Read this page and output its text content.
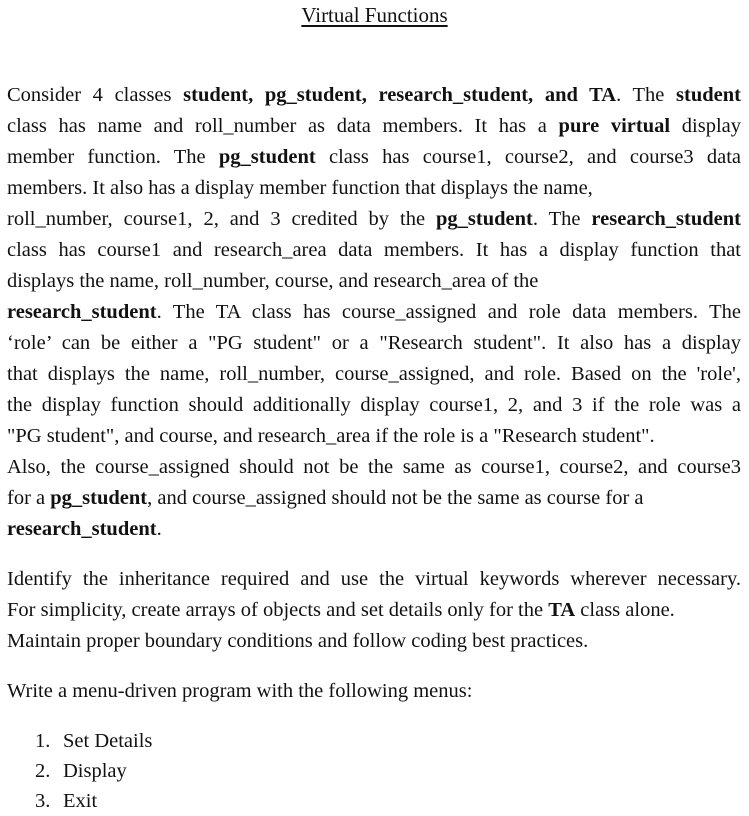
Virtual Functions
Consider 4 classes student, pg_student, research_student, and TA. The student
class has name and roll_number as data members. It has a pure virtual display
member function. The pg_student class has course1, course2, and course3 data
members. It also has a display member function that displays the name,
roll_number, course1, 2, and 3 credited by the pg_student. The research_student
class has course1 and research_area data members. It has a display function that
displays the name, roll_number, course, and research_area of the
research_student. The TA class has course_assigned and role data members. The
‘role’ can be either a "PG student" or a "Research student". It also has a display
that displays the name, roll_number, course_assigned, and role. Based on the 'role',
the display function should additionally display course1, 2, and 3 if the role was a
"PG student", and course, and research_area if the role is a "Research student".
Also, the course_assigned should not be the same as course1, course2, and course3
for a pg_student, and course_assigned should not be the same as course for a
research_student.
Identify the inheritance required and use the virtual keywords wherever necessary.
For simplicity, create arrays of objects and set details only for the TA class alone.
Maintain proper boundary conditions and follow coding best practices.
Write a menu-driven program with the following menus:
1. Set Details
2. Display
3. Exit
